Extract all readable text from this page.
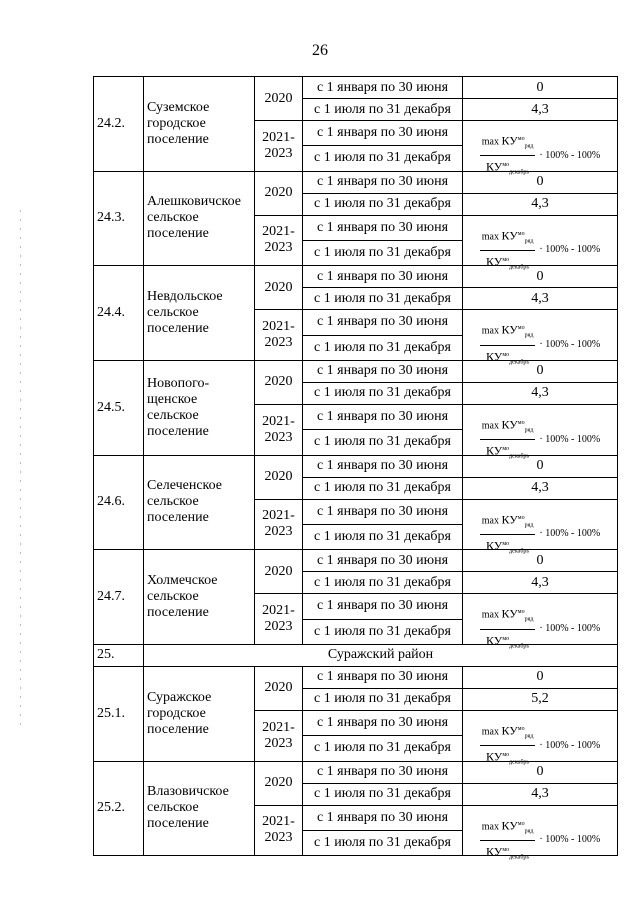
26
24.2.	Суземское городское поселение	2020	с 1 января по 30 июня	0
			с 1 июля по 31 декабря	4,3
		2021-2023	с 1 января по 30 июня	$\frac{\max КУ^{мо}_{ряд}}{КУ^{мо}_{декабрь}} \cdot 100\% - 100\%$

			с 1 июля по 31 декабря	
24.3.	Алешковичское сельское поселение	2020	с 1 января по 30 июня	0
			с 1 июля по 31 декабря	4,3
		2021-2023	с 1 января по 30 июня	$\frac{\max КУ^{мо}_{ряд}}{КУ^{мо}_{декабрь}} \cdot 100\% - 100\%$

			с 1 июля по 31 декабря	
24.4.	Невдольское сельское поселение	2020	с 1 января по 30 июня	0
			с 1 июля по 31 декабря	4,3
		2021-2023	с 1 января по 30 июня	$\frac{\max КУ^{мо}_{ряд}}{КУ^{мо}_{декабрь}} \cdot 100\% - 100\%$

			с 1 июля по 31 декабря	
24.5.	Новопого-щенское сельское поселение	2020	с 1 января по 30 июня	0
			с 1 июля по 31 декабря	4,3
		2021-2023	с 1 января по 30 июня	$\frac{\max КУ^{мо}_{ряд}}{КУ^{мо}_{декабрь}} \cdot 100\% - 100\%$

			с 1 июля по 31 декабря	
24.6.	Селеченское сельское поселение	2020	с 1 января по 30 июня	0
			с 1 июля по 31 декабря	4,3
		2021-2023	с 1 января по 30 июня	$\frac{\max КУ^{мо}_{ряд}}{КУ^{мо}_{декабрь}} \cdot 100\% - 100\%$

			с 1 июля по 31 декабря	
24.7.	Холмечское сельское поселение	2020	с 1 января по 30 июня	0
			с 1 июля по 31 декабря	4,3
		2021-2023	с 1 января по 30 июня	$\frac{\max КУ^{мо}_{ряд}}{КУ^{мо}_{декабрь}} \cdot 100\% - 100\%$

			с 1 июля по 31 декабря	
25.	Суражский район			
25.1.	Суражское городское поселение	2020	с 1 января по 30 июня	0
			с 1 июля по 31 декабря	5,2
		2021-2023	с 1 января по 30 июня	$\frac{\max КУ^{мо}_{ряд}}{КУ^{мо}_{декабрь}} \cdot 100\% - 100\%$

			с 1 июля по 31 декабря	
25.2.	Влазовичское сельское поселение	2020	с 1 января по 30 июня	0
			с 1 июля по 31 декабря	4,3
		2021-2023	с 1 января по 30 июня	$\frac{\max КУ^{мо}_{ряд}}{КУ^{мо}_{декабрь}} \cdot 100\% - 100\%$

			с 1 июля по 31 декабря	
